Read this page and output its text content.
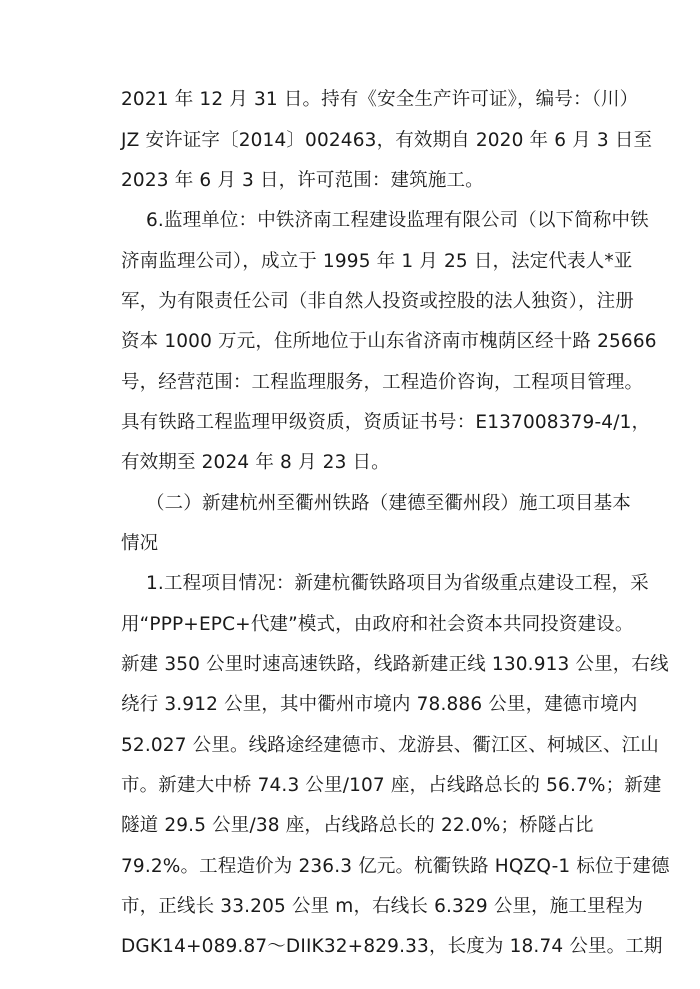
2021 年 12 月 31 日。持有《安全生产许可证》，编号：（川）
JZ 安许证字〔2014〕002463，有效期自 2020 年 6 月 3 日至
2023 年 6 月 3 日，许可范围：建筑施工。
6.监理单位：中铁济南工程建设监理有限公司（以下简称中铁
济南监理公司），成立于 1995 年 1 月 25 日，法定代表人*亚
军，为有限责任公司（非自然人投资或控股的法人独资），注册
资本 1000 万元，住所地位于山东省济南市槐荫区经十路 25666
号，经营范围：工程监理服务，工程造价咨询，工程项目管理。
具有铁路工程监理甲级资质，资质证书号：E137008379-4/1，
有效期至 2024 年 8 月 23 日。
（二）新建杭州至衢州铁路（建德至衢州段）施工项目基本
情况
1.工程项目情况：新建杭衢铁路项目为省级重点建设工程，采
用“PPP+EPC+代建”模式，由政府和社会资本共同投资建设。
新建 350 公里时速高速铁路，线路新建正线 130.913 公里，右线
绕行 3.912 公里，其中衢州市境内 78.886 公里，建德市境内
52.027 公里。线路途经建德市、龙游县、衢江区、柯城区、江山
市。新建大中桥 74.3 公里/107 座，占线路总长的 56.7%；新建
隧道 29.5 公里/38 座，占线路总长的 22.0%；桥隧占比
79.2%。工程造价为 236.3 亿元。杭衢铁路 HQZQ-1 标位于建德
市，正线长 33.205 公里 m，右线长 6.329 公里，施工里程为
DGK14+089.87～DIIK32+829.33，长度为 18.74 公里。工期
